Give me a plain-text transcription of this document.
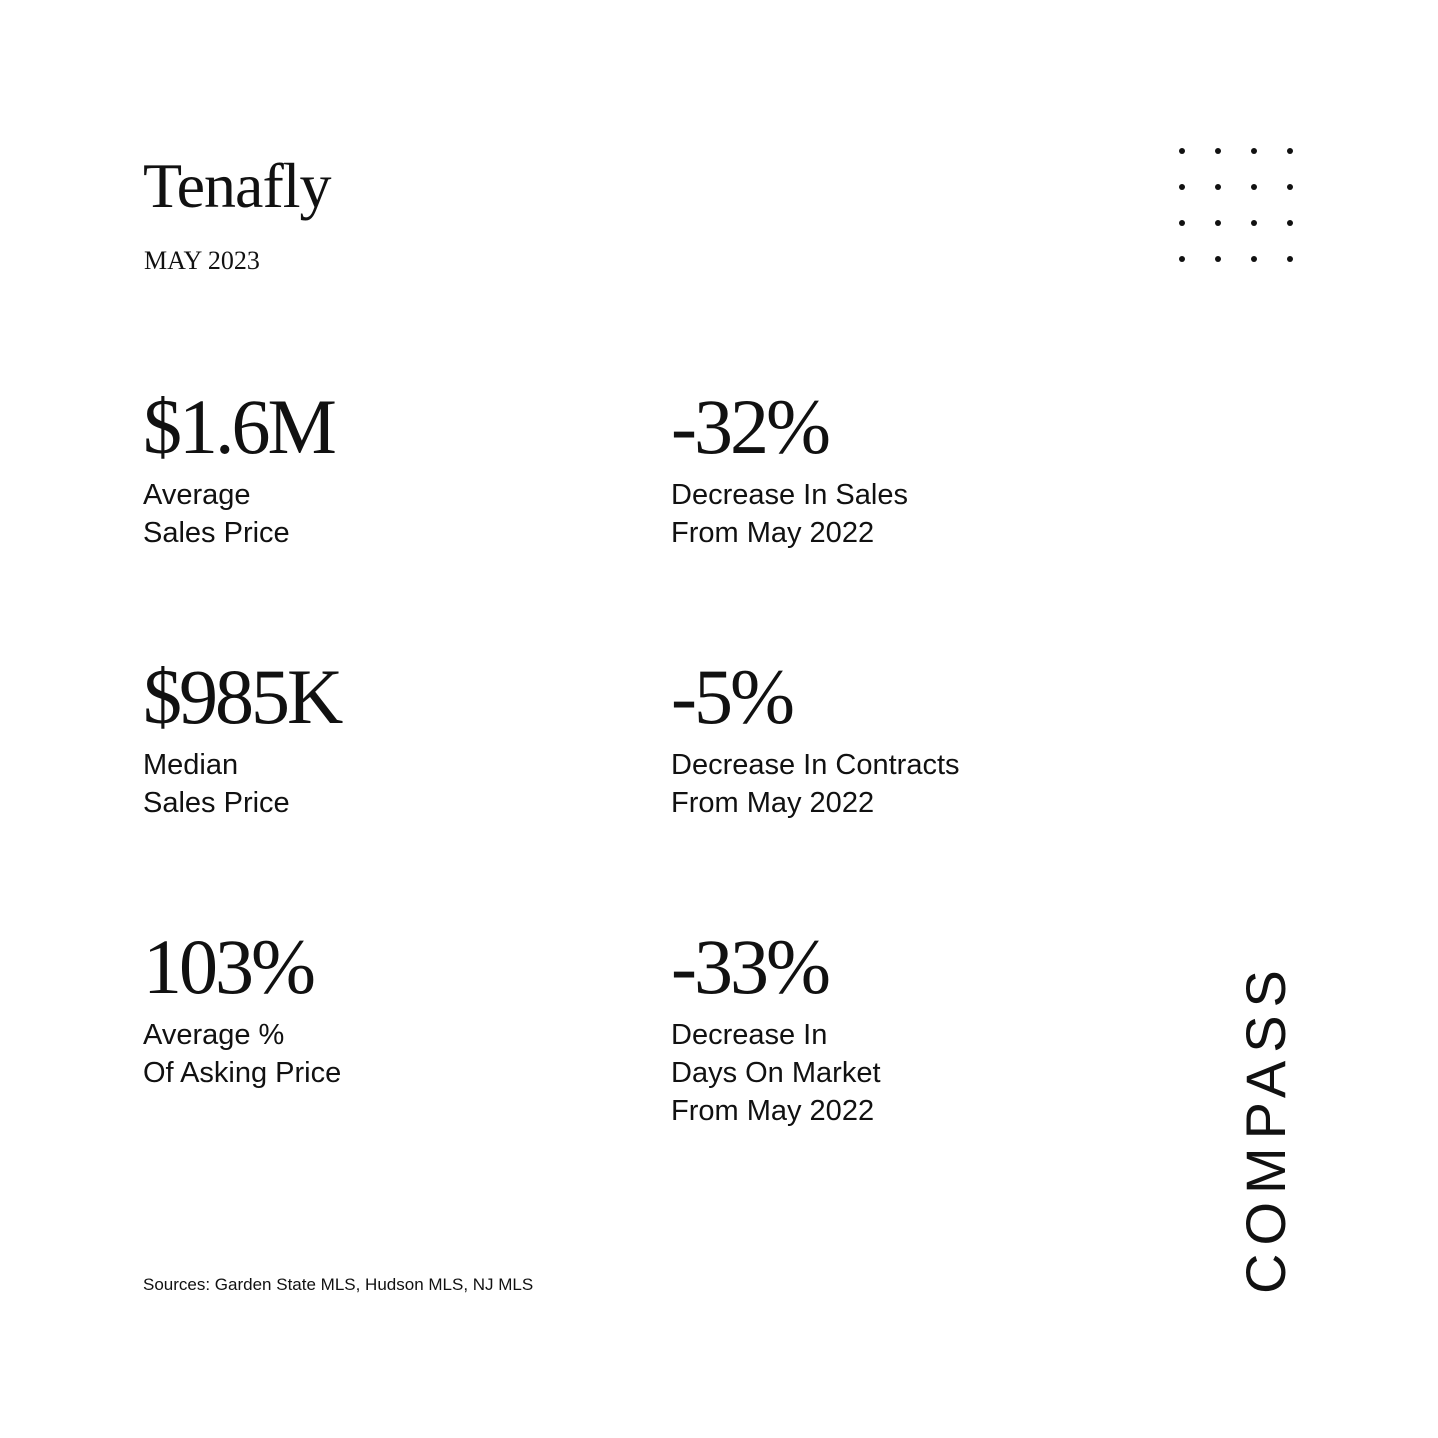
Tenafly
MAY 2023
$1.6M
Average
Sales Price
-32%
Decrease In Sales
From May 2022
$985K
Median
Sales Price
-5%
Decrease In Contracts
From May 2022
103%
Average %
Of Asking Price
-33%
Decrease In
Days On Market
From May 2022
Sources: Garden State MLS, Hudson MLS, NJ MLS	COMPASS
